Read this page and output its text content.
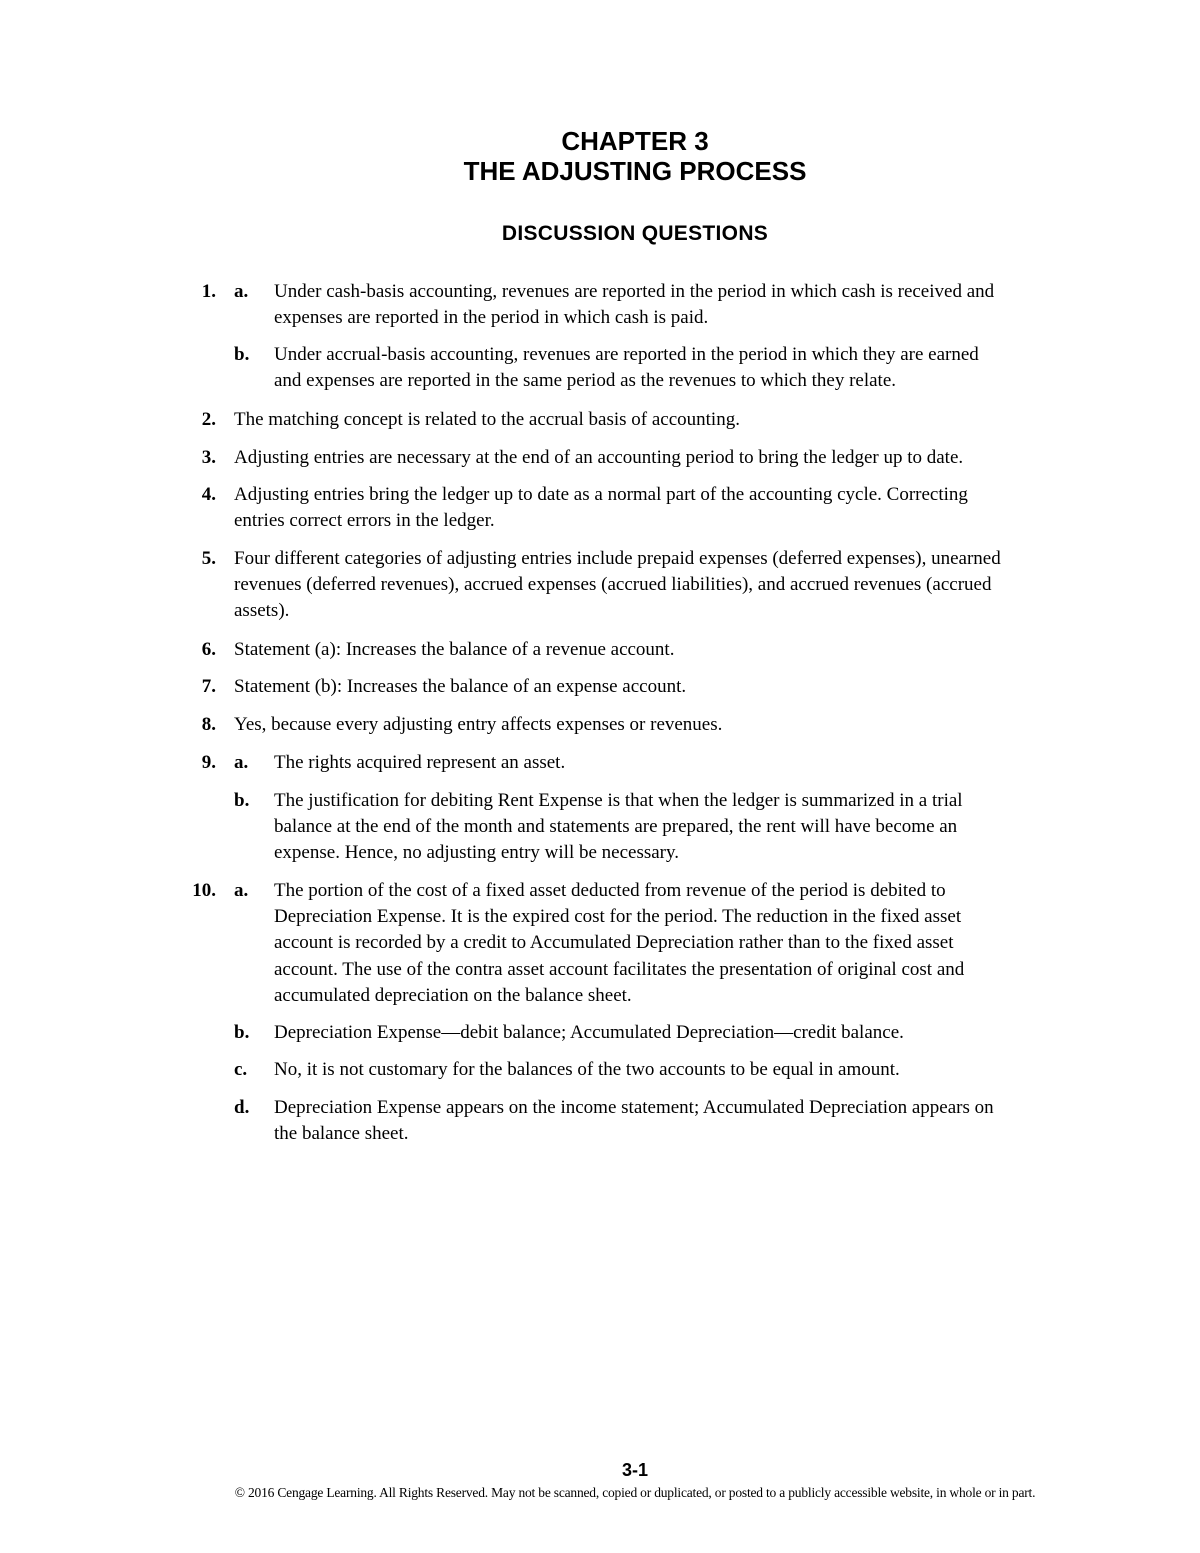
CHAPTER 3
THE ADJUSTING PROCESS
DISCUSSION QUESTIONS
1. a. Under cash-basis accounting, revenues are reported in the period in which cash is received and
expenses are reported in the period in which cash is paid.
b. Under accrual-basis accounting, revenues are reported in the period in which they are earned
and expenses are reported in the same period as the revenues to which they relate.
2. The matching concept is related to the accrual basis of accounting.
3. Adjusting entries are necessary at the end of an accounting period to bring the ledger up to date.
4. Adjusting entries bring the ledger up to date as a normal part of the accounting cycle. Correcting
entries correct errors in the ledger.
5. Four different categories of adjusting entries include prepaid expenses (deferred expenses), unearned
revenues (deferred revenues), accrued expenses (accrued liabilities), and accrued revenues (accrued
assets).
6. Statement (a): Increases the balance of a revenue account.
7. Statement (b): Increases the balance of an expense account.
8. Yes, because every adjusting entry affects expenses or revenues.
9. a. The rights acquired represent an asset.
b. The justification for debiting Rent Expense is that when the ledger is summarized in a trial
balance at the end of the month and statements are prepared, the rent will have become an
expense. Hence, no adjusting entry will be necessary.
10. a. The portion of the cost of a fixed asset deducted from revenue of the period is debited to
Depreciation Expense. It is the expired cost for the period. The reduction in the fixed asset
account is recorded by a credit to Accumulated Depreciation rather than to the fixed asset
account. The use of the contra asset account facilitates the presentation of original cost and
accumulated depreciation on the balance sheet.
b. Depreciation Expense—debit balance; Accumulated Depreciation—credit balance.
c. No, it is not customary for the balances of the two accounts to be equal in amount.
d. Depreciation Expense appears on the income statement; Accumulated Depreciation appears on
the balance sheet.
3-1
© 2016 Cengage Learning. All Rights Reserved. May not be scanned, copied or duplicated, or posted to a publicly accessible website, in whole or in part.
